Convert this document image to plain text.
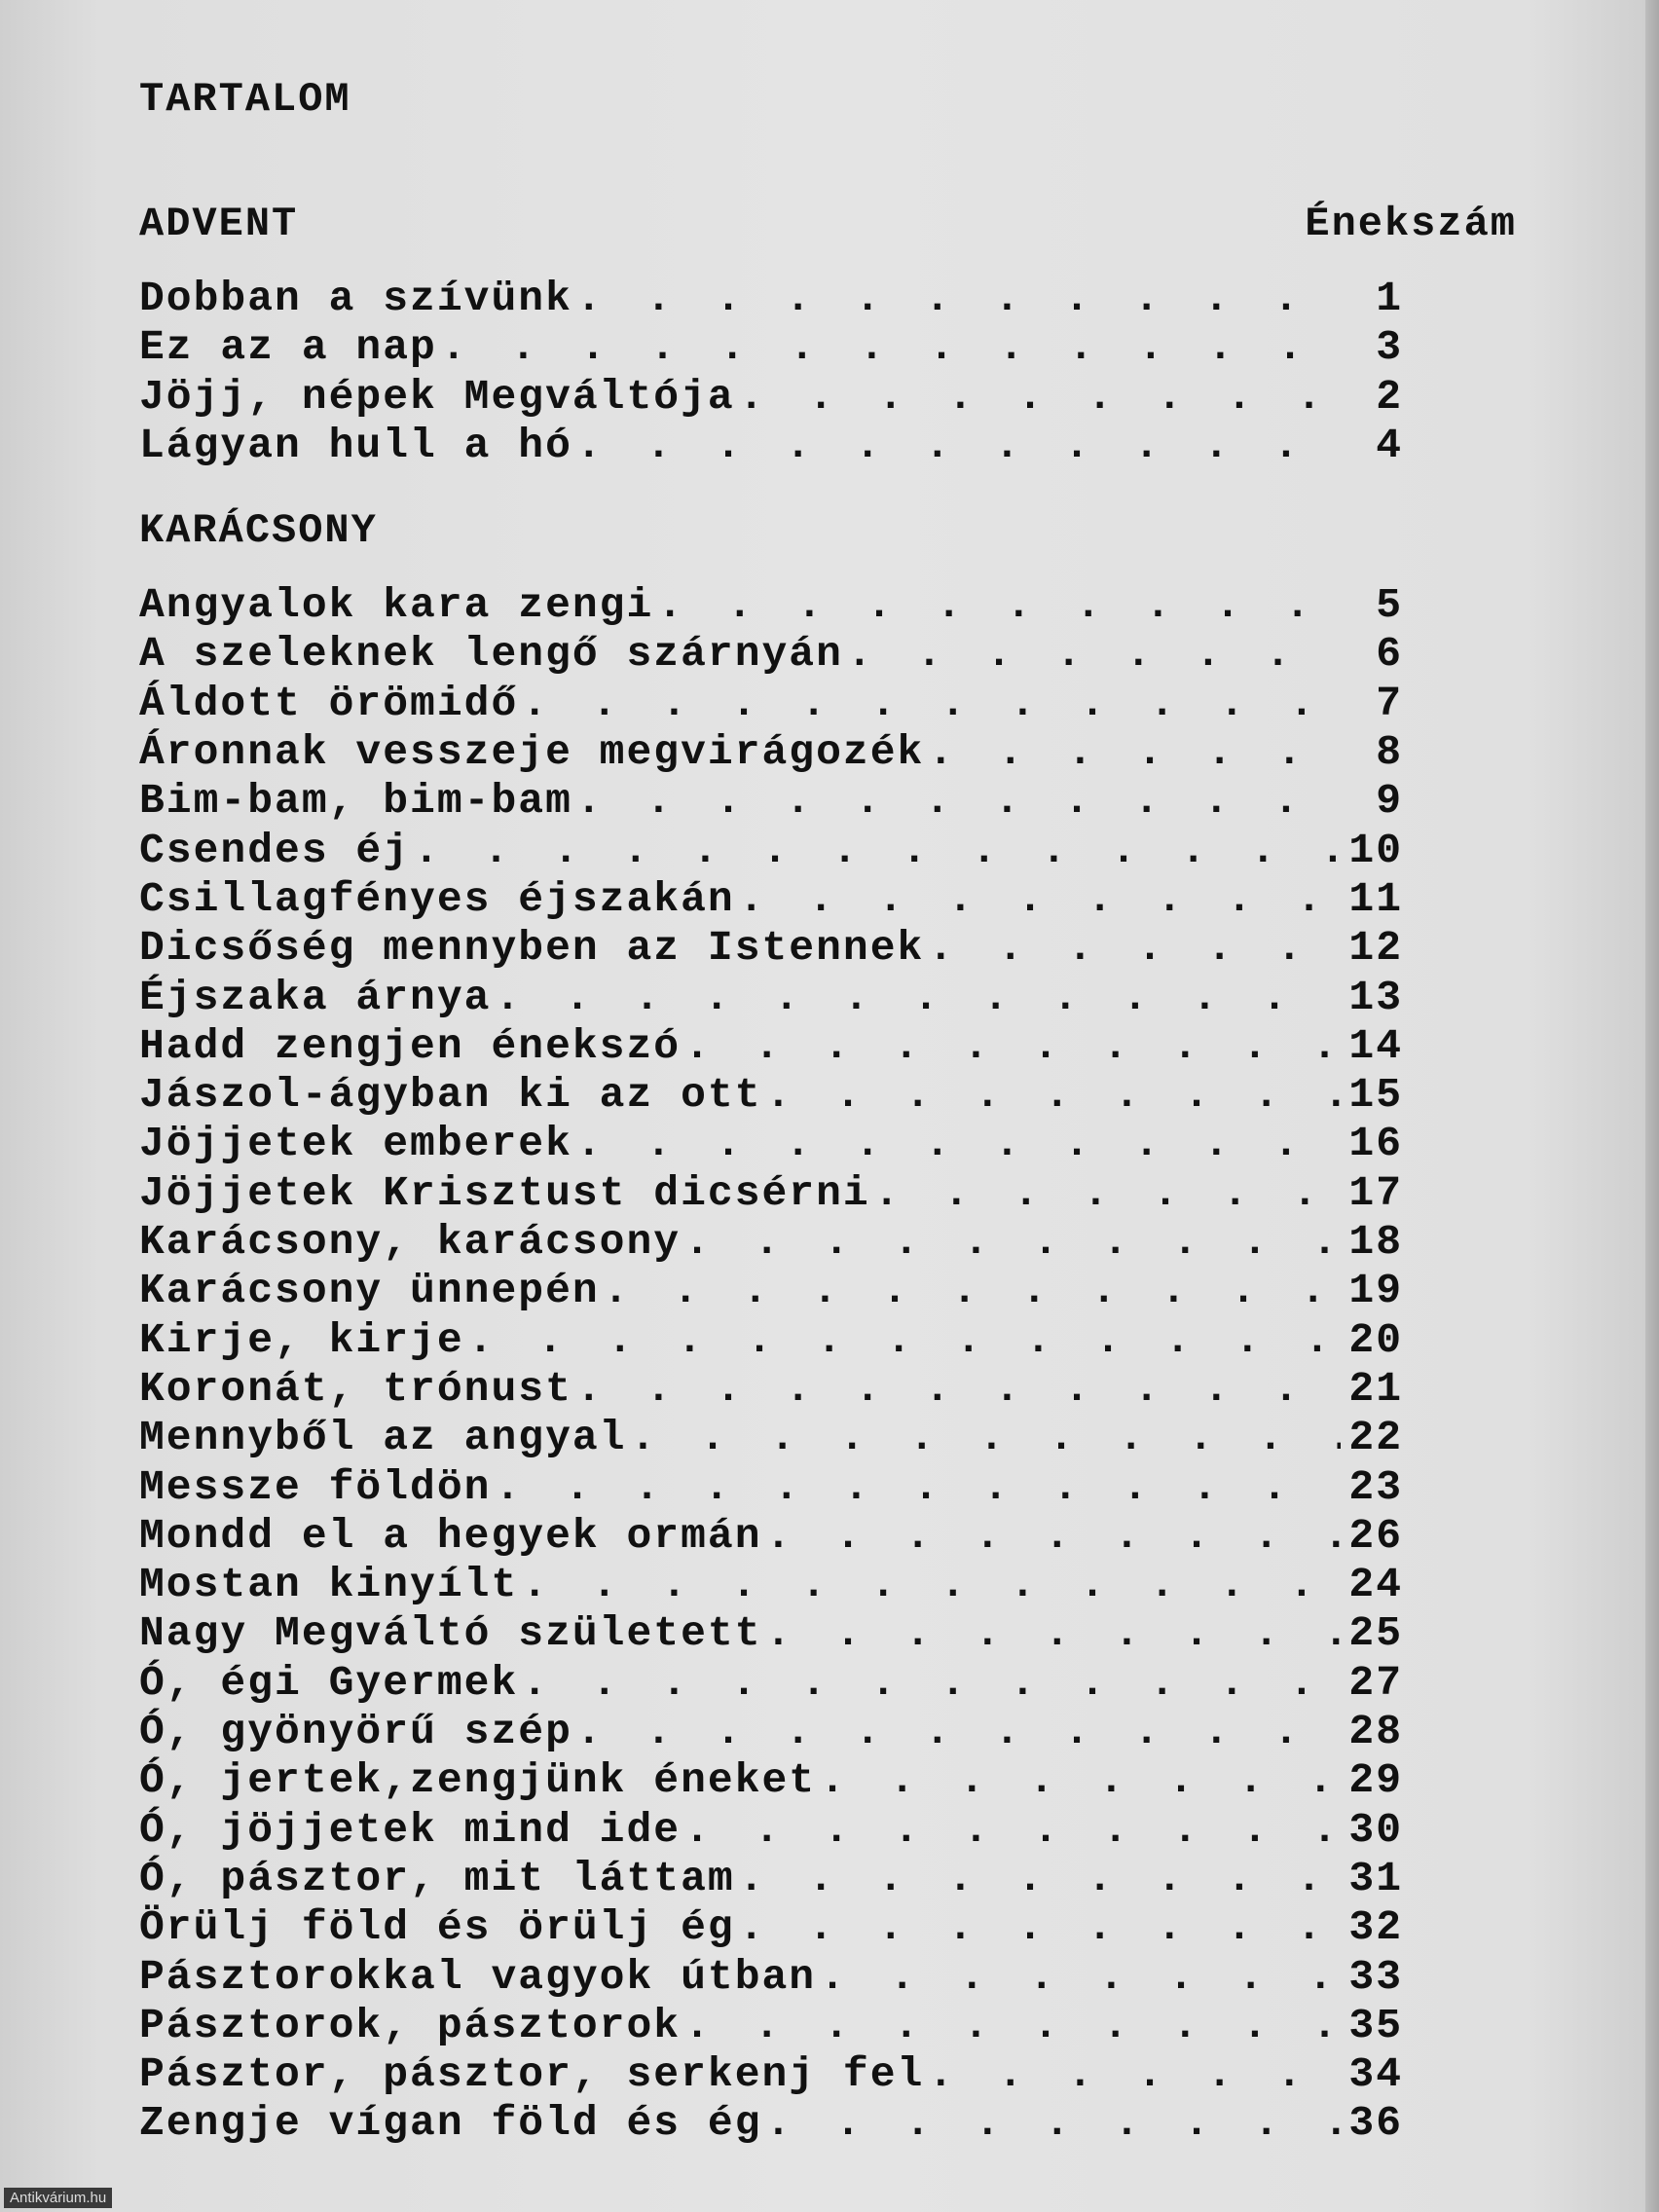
TARTALOM
ADVENT	Énekszám
Dobban a szívünk . . .	1
Ez az a nap . . .	3
Jöjj, népek Megváltója . . .	2
Lágyan hull a hó . . .	4
KARÁCSONY
Angyalok kara zengi . . .	5
A szeleknek lengő szárnyán . . .	6
Áldott örömidő . . .	7
Áronnak vesszeje megvirágozék . . .	8
Bim-bam, bim-bam . . .	9
Csendes éj . . .	10
Csillagfényes éjszakán . . .	11
Dicsőség mennyben az Istennek . . .	12
Éjszaka árnya . . .	13
Hadd zengjen énekszó . . .	14
Jászol-ágyban ki az ott . . .	15
Jöjjetek emberek . . .	16
Jöjjetek Krisztust dicsérni . . .	17
Karácsony, karácsony . . .	18
Karácsony ünnepén . . .	19
Kirje, kirje . . .	20
Koronát, trónust . . .	21
Mennyből az angyal . . .	22
Messze földön . . .	23
Mondd el a hegyek ormán . . .	26
Mostan kinyílt . . .	24
Nagy Megváltó született . . .	25
Ó, égi Gyermek . . .	27
Ó, gyönyörű szép . . .	28
Ó, jertek,zengjünk éneket . . .	29
Ó, jöjjetek mind ide . . .	30
Ó, pásztor, mit láttam . . .	31
Örülj föld és örülj ég . . .	32
Pásztorokkal vagyok útban . . .	33
Pásztorok, pásztorok . . .	35
Pásztor, pásztor, serkenj fel . . .	34
Zengje vígan föld és ég . . .	36
Antikvárium.hu
